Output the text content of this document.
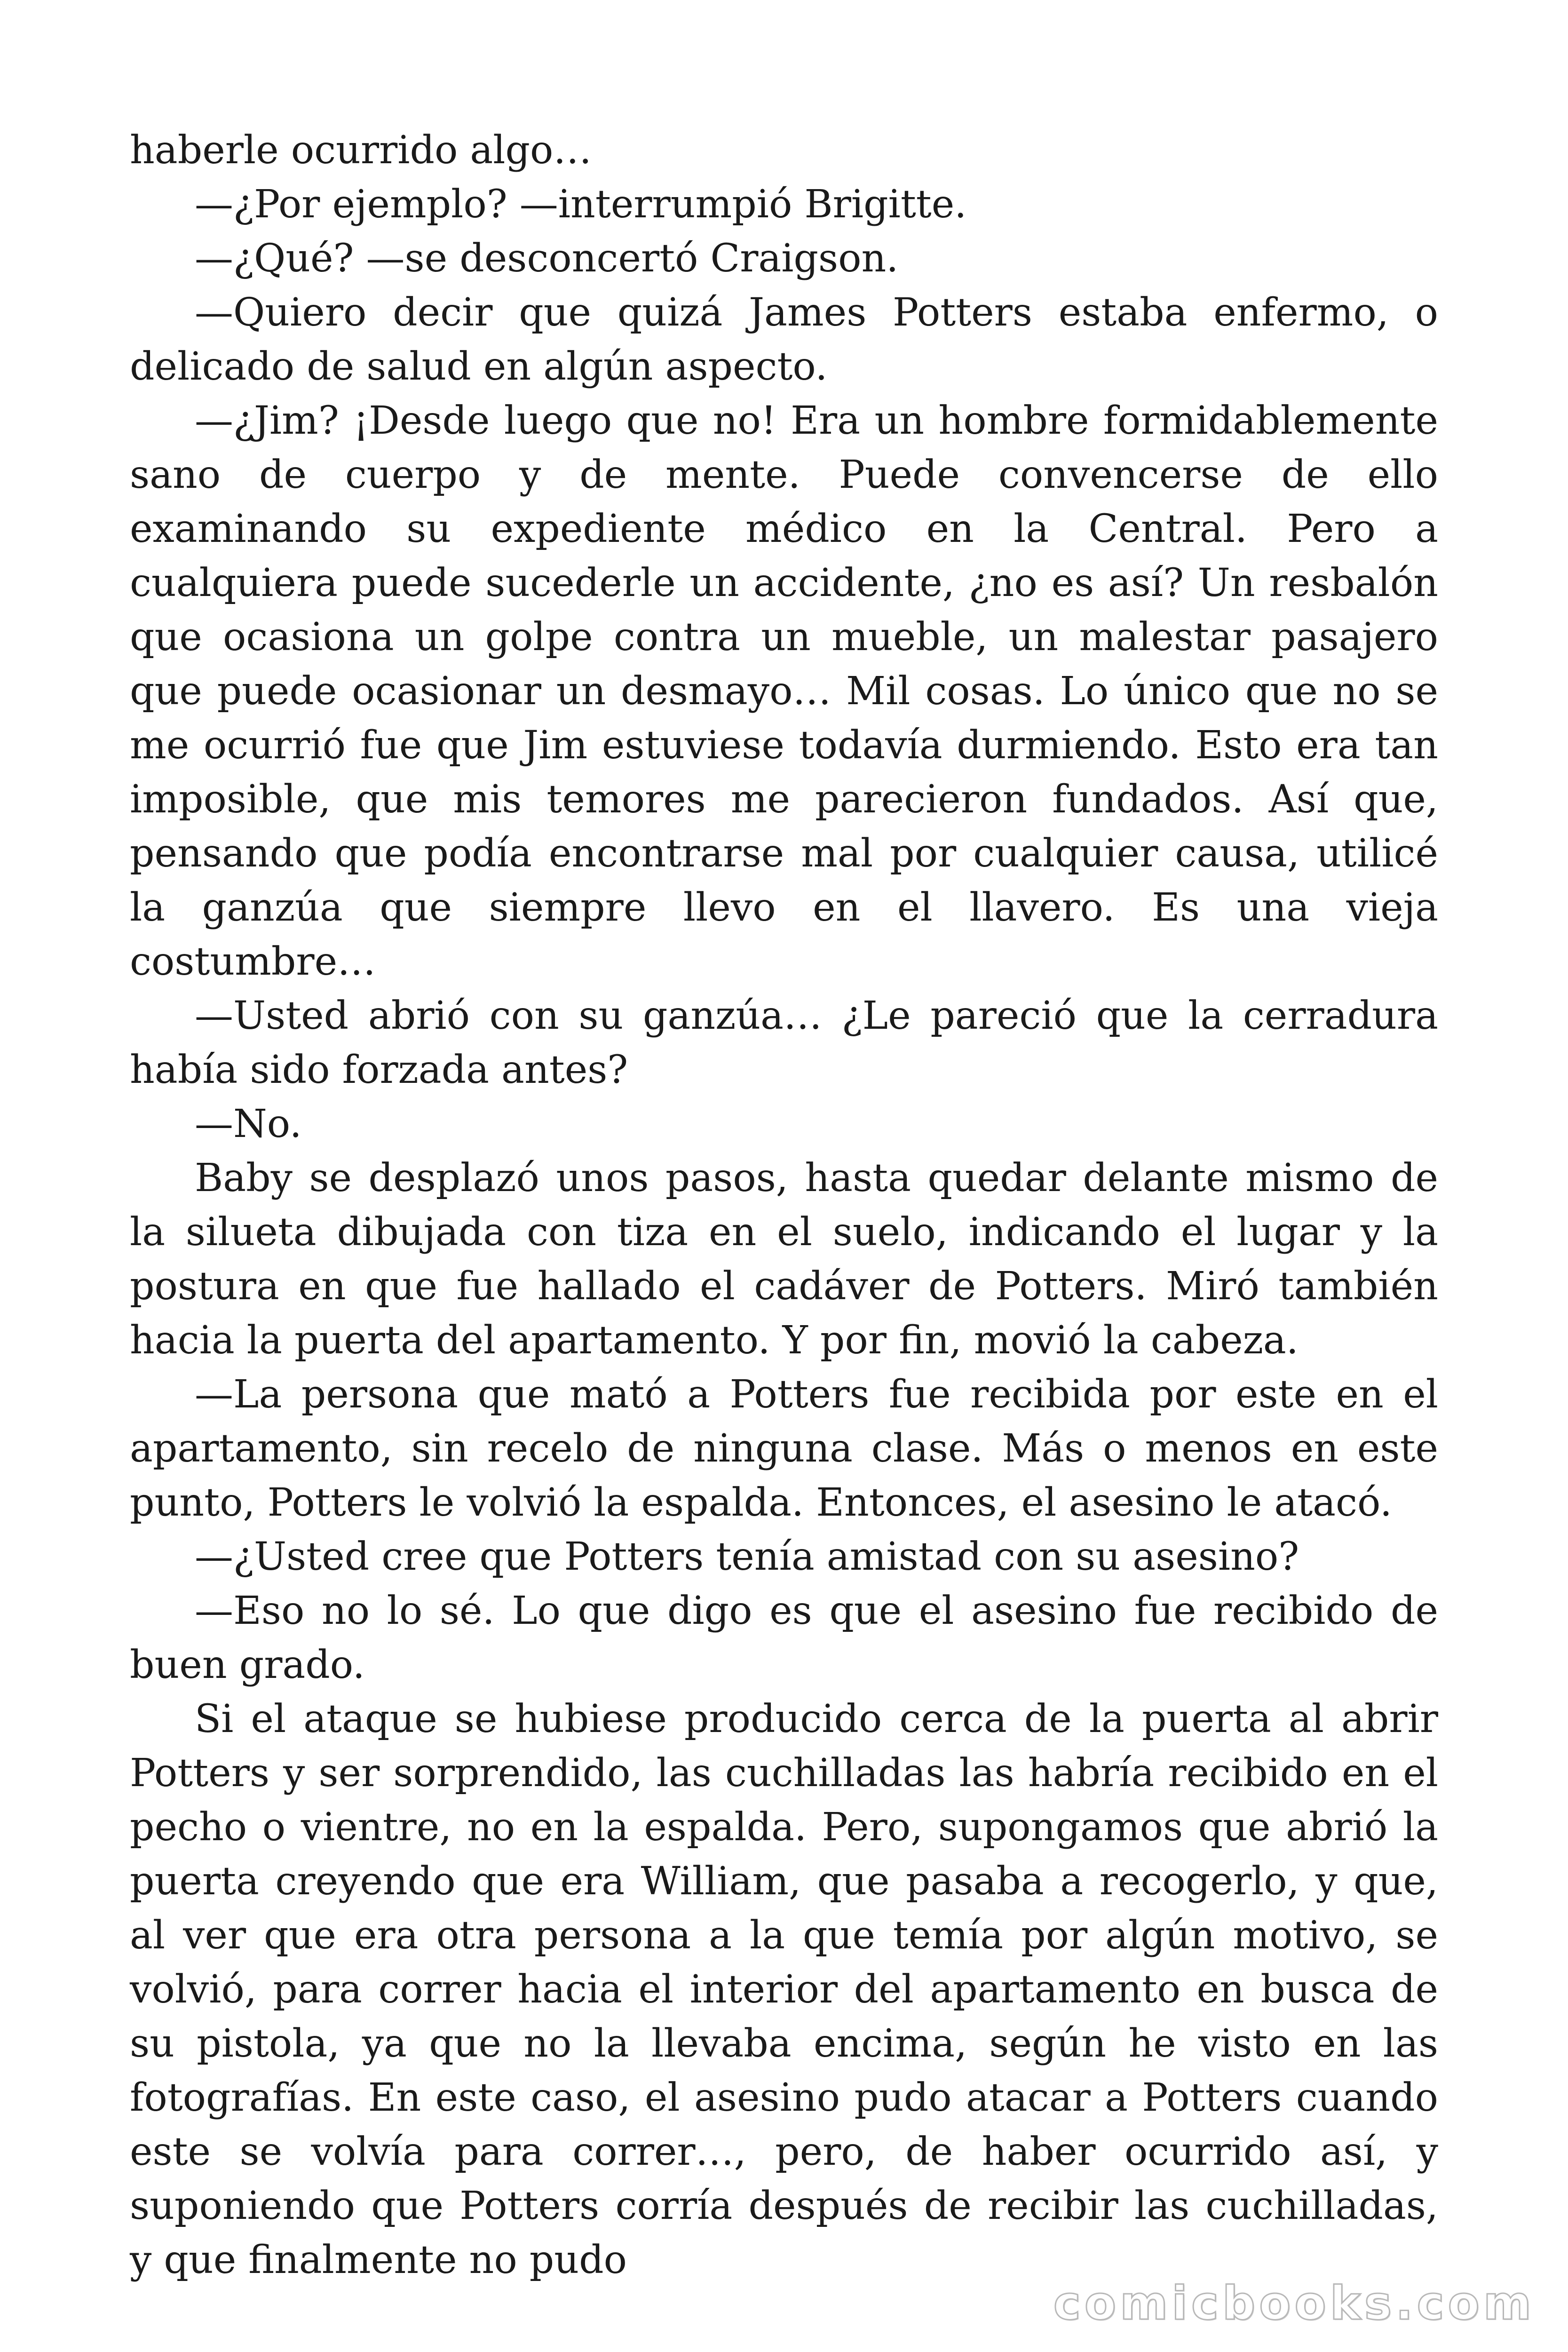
haberle ocurrido algo…

—¿Por ejemplo? —interrumpió Brigitte.

—¿Qué? —se desconcertó Craigson.

—Quiero decir que quizá James Potters estaba enfermo, o delicado de salud en algún aspecto.

—¿Jim? ¡Desde luego que no! Era un hombre formidablemente sano de cuerpo y de mente. Puede convencerse de ello examinando su expediente médico en la Central. Pero a cualquiera puede sucederle un accidente, ¿no es así? Un resbalón que ocasiona un golpe contra un mueble, un malestar pasajero que puede ocasionar un desmayo… Mil cosas. Lo único que no se me ocurrió fue que Jim estuviese todavía durmiendo. Esto era tan imposible, que mis temores me parecieron fundados. Así que, pensando que podía encontrarse mal por cualquier causa, utilicé la ganzúa que siempre llevo en el llavero. Es una vieja costumbre…

—Usted abrió con su ganzúa… ¿Le pareció que la cerradura había sido forzada antes?

—No.

Baby se desplazó unos pasos, hasta quedar delante mismo de la silueta dibujada con tiza en el suelo, indicando el lugar y la postura en que fue hallado el cadáver de Potters. Miró también hacia la puerta del apartamento. Y por fin, movió la cabeza.

—La persona que mató a Potters fue recibida por este en el apartamento, sin recelo de ninguna clase. Más o menos en este punto, Potters le volvió la espalda. Entonces, el asesino le atacó.

—¿Usted cree que Potters tenía amistad con su asesino?

—Eso no lo sé. Lo que digo es que el asesino fue recibido de buen grado.

Si el ataque se hubiese producido cerca de la puerta al abrir Potters y ser sorprendido, las cuchilladas las habría recibido en el pecho o vientre, no en la espalda. Pero, supongamos que abrió la puerta creyendo que era William, que pasaba a recogerlo, y que, al ver que era otra persona a la que temía por algún motivo, se volvió, para correr hacia el interior del apartamento en busca de su pistola, ya que no la llevaba encima, según he visto en las fotografías. En este caso, el asesino pudo atacar a Potters cuando este se volvía para correr…, pero, de haber ocurrido así, y suponiendo que Potters corría después de recibir las cuchilladas, y que finalmente no pudo

comicbooks.com
